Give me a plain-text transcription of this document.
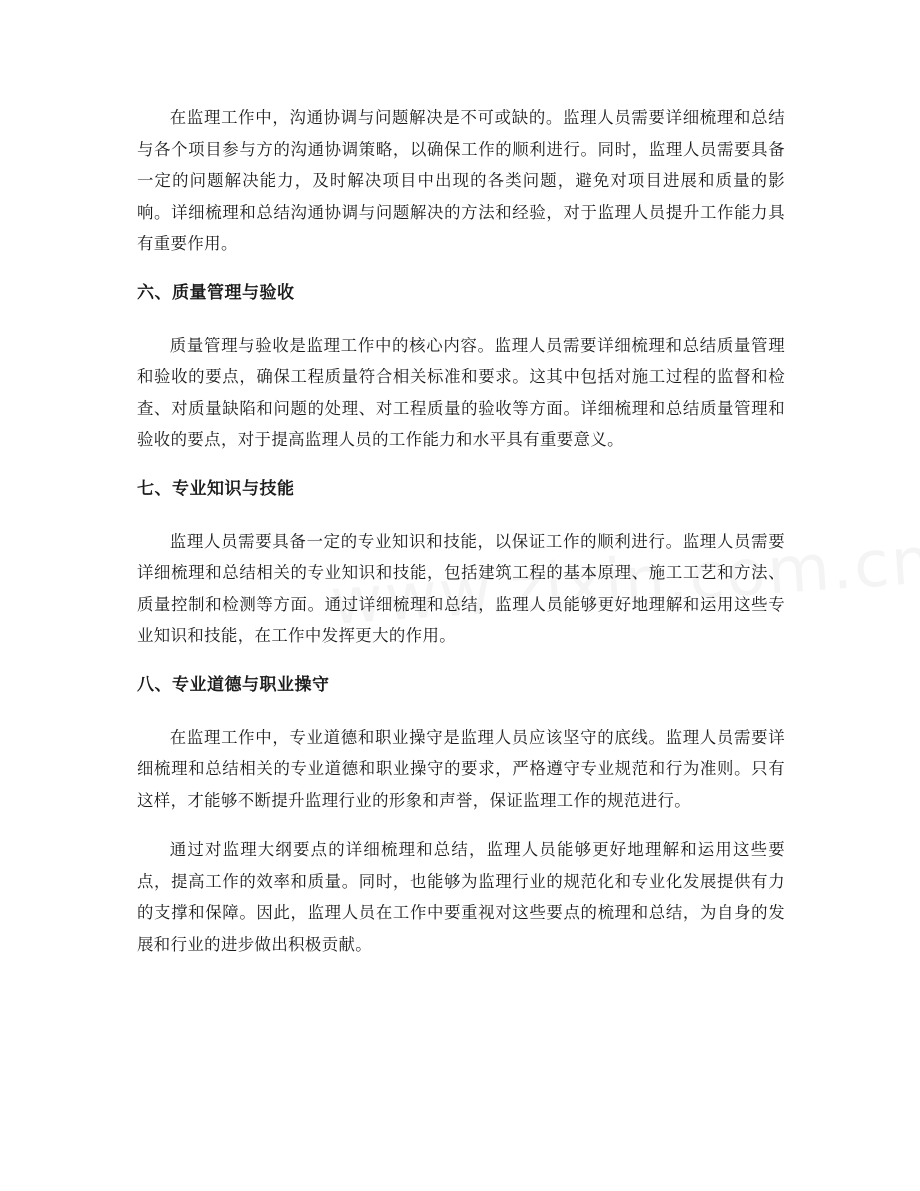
在监理工作中，沟通协调与问题解决是不可或缺的。监理人员需要详细梳理和总结与各个项目参与方的沟通协调策略，以确保工作的顺利进行。同时，监理人员需要具备一定的问题解决能力，及时解决项目中出现的各类问题，避免对项目进展和质量的影响。详细梳理和总结沟通协调与问题解决的方法和经验，对于监理人员提升工作能力具有重要作用。

六、质量管理与验收

质量管理与验收是监理工作中的核心内容。监理人员需要详细梳理和总结质量管理和验收的要点，确保工程质量符合相关标准和要求。这其中包括对施工过程的监督和检查、对质量缺陷和问题的处理、对工程质量的验收等方面。详细梳理和总结质量管理和验收的要点，对于提高监理人员的工作能力和水平具有重要意义。

七、专业知识与技能

监理人员需要具备一定的专业知识和技能，以保证工作的顺利进行。监理人员需要详细梳理和总结相关的专业知识和技能，包括建筑工程的基本原理、施工工艺和方法、质量控制和检测等方面。通过详细梳理和总结，监理人员能够更好地理解和运用这些专业知识和技能，在工作中发挥更大的作用。

八、专业道德与职业操守

在监理工作中，专业道德和职业操守是监理人员应该坚守的底线。监理人员需要详细梳理和总结相关的专业道德和职业操守的要求，严格遵守专业规范和行为准则。只有这样，才能够不断提升监理行业的形象和声誉，保证监理工作的规范进行。

通过对监理大纲要点的详细梳理和总结，监理人员能够更好地理解和运用这些要点，提高工作的效率和质量。同时，也能够为监理行业的规范化和专业化发展提供有力的支撑和保障。因此，监理人员在工作中要重视对这些要点的梳理和总结，为自身的发展和行业的进步做出积极贡献。
